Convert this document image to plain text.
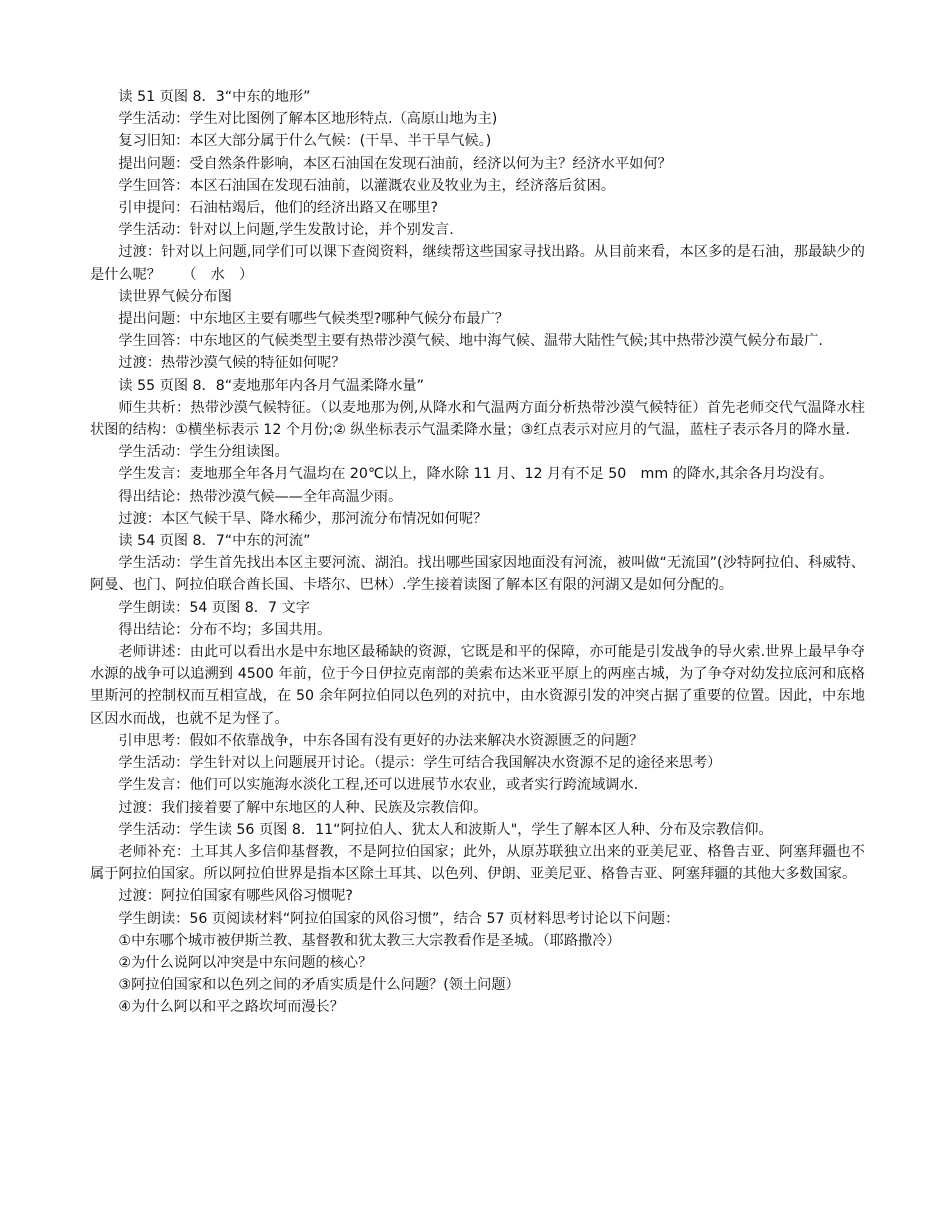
读 51 页图 8．3“中东的地形”

学生活动：学生对比图例了解本区地形特点.（高原山地为主)

复习旧知：本区大部分属于什么气候：(干旱、半干旱气候。)

提出问题：受自然条件影响，本区石油国在发现石油前，经济以何为主？经济水平如何？

学生回答：本区石油国在发现石油前，以灌溉农业及牧业为主，经济落后贫困。

引申提问：石油枯竭后，他们的经济出路又在哪里?

学生活动：针对以上问题,学生发散讨论，并个别发言.

过渡：针对以上问题,同学们可以课下查阅资料，继续帮这些国家寻找出路。从目前来看，本区多的是石油，那最缺少的是什么呢？　　（　水　）

读世界气候分布图

提出问题：中东地区主要有哪些气候类型?哪种气候分布最广？

学生回答：中东地区的气候类型主要有热带沙漠气候、地中海气候、温带大陆性气候;其中热带沙漠气候分布最广.

过渡：热带沙漠气候的特征如何呢？

读 55 页图 8．8“麦地那年内各月气温柔降水量”

师生共析：热带沙漠气候特征。（以麦地那为例,从降水和气温两方面分析热带沙漠气候特征）首先老师交代气温降水柱状图的结构：①横坐标表示 12 个月份;② 纵坐标表示气温柔降水量；③红点表示对应月的气温，蓝柱子表示各月的降水量.

学生活动：学生分组读图。

学生发言：麦地那全年各月气温均在 20℃以上，降水除 11 月、12 月有不足 50　mm 的降水,其余各月均没有。

得出结论：热带沙漠气候——全年高温少雨。

过渡：本区气候干旱、降水稀少，那河流分布情况如何呢？

读 54 页图 8．7“中东的河流”

学生活动：学生首先找出本区主要河流、湖泊。找出哪些国家因地面没有河流，被叫做“无流国”(沙特阿拉伯、科威特、阿曼、也门、阿拉伯联合酋长国、卡塔尔、巴林）.学生接着读图了解本区有限的河湖又是如何分配的。

学生朗读：54 页图 8．7 文字

得出结论：分布不均；多国共用。

老师讲述：由此可以看出水是中东地区最稀缺的资源，它既是和平的保障，亦可能是引发战争的导火索.世界上最早争夺水源的战争可以追溯到 4500 年前，位于今日伊拉克南部的美索布达米亚平原上的两座古城，为了争夺对幼发拉底河和底格里斯河的控制权而互相宣战，在 50 余年阿拉伯同以色列的对抗中，由水资源引发的冲突占据了重要的位置。因此，中东地区因水而战，也就不足为怪了。

引申思考：假如不依靠战争，中东各国有没有更好的办法来解决水资源匮乏的问题？

学生活动：学生针对以上问题展开讨论。（提示：学生可结合我国解决水资源不足的途径来思考）

学生发言：他们可以实施海水淡化工程,还可以进展节水农业，或者实行跨流域调水.

过渡：我们接着要了解中东地区的人种、民族及宗教信仰。

学生活动：学生读 56 页图 8．11“阿拉伯人、犹太人和波斯人"，学生了解本区人种、分布及宗教信仰。

老师补充：土耳其人多信仰基督教，不是阿拉伯国家；此外，从原苏联独立出来的亚美尼亚、格鲁吉亚、阿塞拜疆也不属于阿拉伯国家。所以阿拉伯世界是指本区除土耳其、以色列、伊朗、亚美尼亚、格鲁吉亚、阿塞拜疆的其他大多数国家。

过渡：阿拉伯国家有哪些风俗习惯呢?

学生朗读：56 页阅读材料“阿拉伯国家的风俗习惯”，结合 57 页材料思考讨论以下问题：

①中东哪个城市被伊斯兰教、基督教和犹太教三大宗教看作是圣城。（耶路撒冷）

②为什么说阿以冲突是中东问题的核心？

③阿拉伯国家和以色列之间的矛盾实质是什么问题？(领土问题）

④为什么阿以和平之路坎坷而漫长？
